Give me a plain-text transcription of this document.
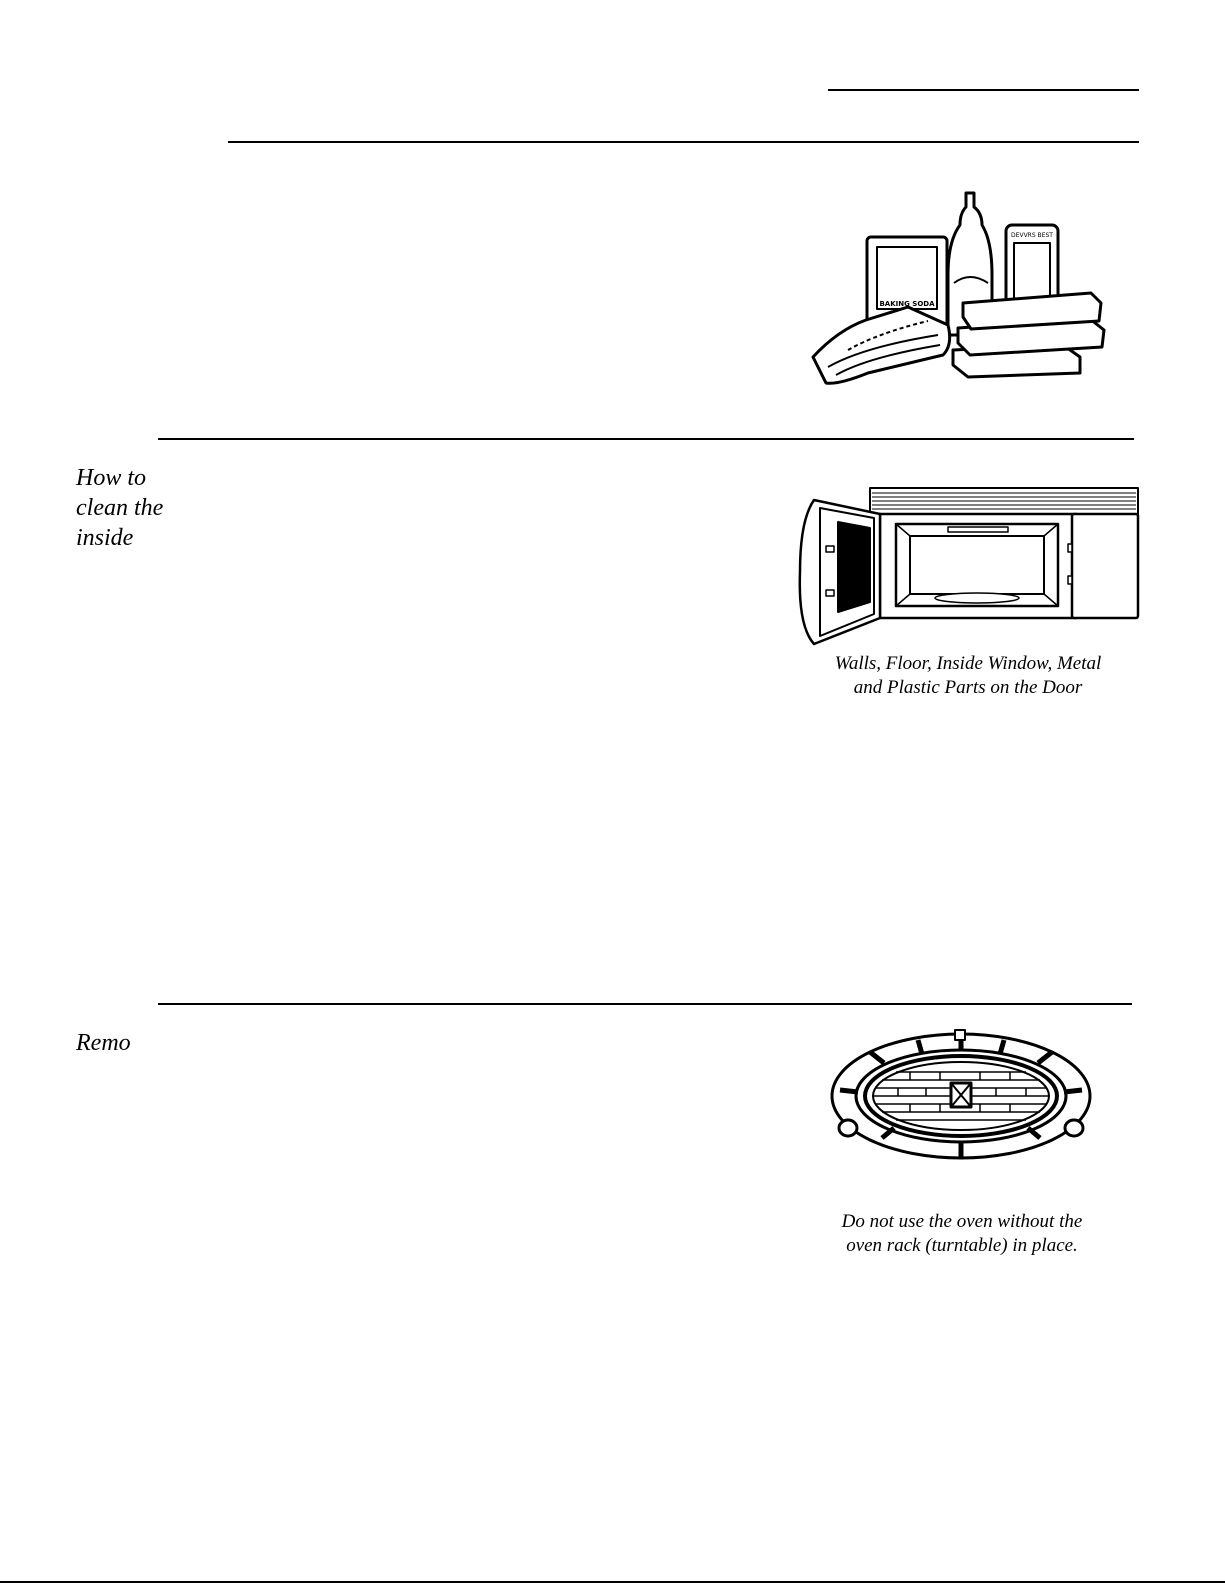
BAKING SODA
DEVVRS BEST
How to
clean the
inside
Walls, Floor, Inside Window, Metal
and Plastic Parts on the Door
Remo
Do not use the oven without the
oven rack (turntable) in place.
